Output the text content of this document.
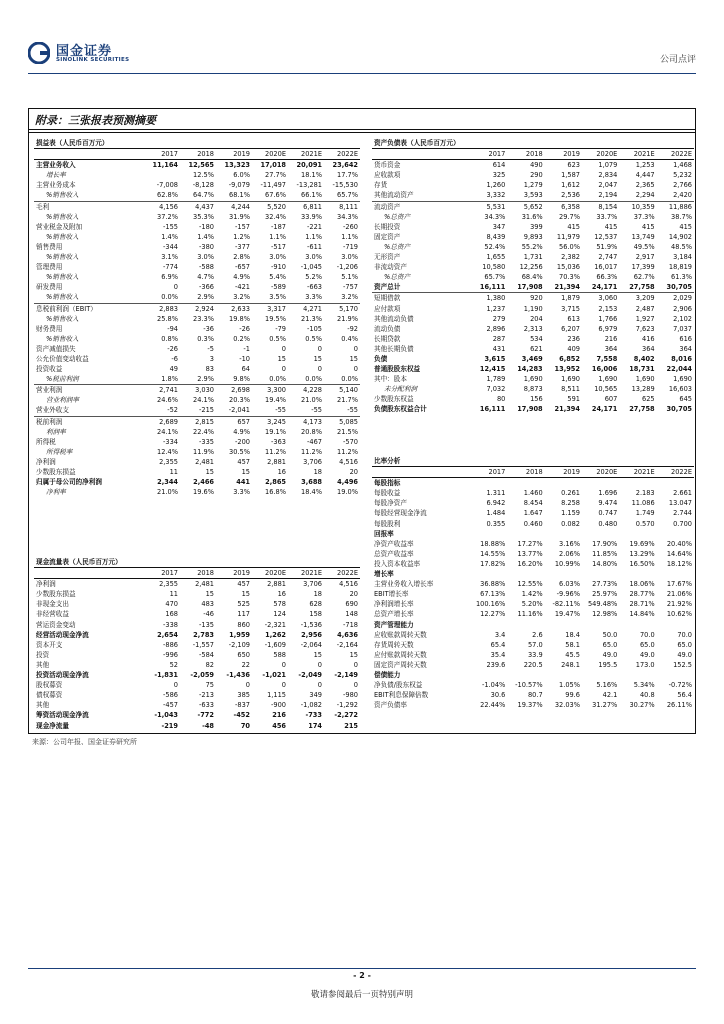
国金证券
SINOLINK SECURITIES	公司点评
附录：三张报表预测摘要
损益表（人民币百万元）						
	2017	2018	2019	2020E	2021E	2022E
主营业务收入	11,164	12,565	13,323	17,018	20,091	23,642
增长率		12.5%	6.0%	27.7%	18.1%	17.7%
主营业务成本	-7,008	-8,128	-9,079	-11,497	-13,281	-15,530
%销售收入	62.8%	64.7%	68.1%	67.6%	66.1%	65.7%
毛利	4,156	4,437	4,244	5,520	6,811	8,111
%销售收入	37.2%	35.3%	31.9%	32.4%	33.9%	34.3%
营业税金及附加	-155	-180	-157	-187	-221	-260
%销售收入	1.4%	1.4%	1.2%	1.1%	1.1%	1.1%
销售费用	-344	-380	-377	-517	-611	-719
%销售收入	3.1%	3.0%	2.8%	3.0%	3.0%	3.0%
管理费用	-774	-588	-657	-910	-1,045	-1,206
%销售收入	6.9%	4.7%	4.9%	5.4%	5.2%	5.1%
研发费用	0	-366	-421	-589	-663	-757
%销售收入	0.0%	2.9%	3.2%	3.5%	3.3%	3.2%
息税前利润（EBIT）	2,883	2,924	2,633	3,317	4,271	5,170
%销售收入	25.8%	23.3%	19.8%	19.5%	21.3%	21.9%
财务费用	-94	-36	-26	-79	-105	-92
%销售收入	0.8%	0.3%	0.2%	0.5%	0.5%	0.4%
资产减值损失	-26	-5	-1	0	0	0
公允价值变动收益	-6	3	-10	15	15	15
投资收益	49	83	64	0	0	0
%税前利润	1.8%	2.9%	9.8%	0.0%	0.0%	0.0%
营业利润	2,741	3,030	2,698	3,300	4,228	5,140
营业利润率	24.6%	24.1%	20.3%	19.4%	21.0%	21.7%
营业外收支	-52	-215	-2,041	-55	-55	-55
税前利润	2,689	2,815	657	3,245	4,173	5,085
利润率	24.1%	22.4%	4.9%	19.1%	20.8%	21.5%
所得税	-334	-335	-200	-363	-467	-570
所得税率	12.4%	11.9%	30.5%	11.2%	11.2%	11.2%
净利润	2,355	2,481	457	2,881	3,706	4,516
少数股东损益	11	15	15	16	18	20
归属于母公司的净利润	2,344	2,466	441	2,865	3,688	4,496
净利率	21.0%	19.6%	3.3%	16.8%	18.4%	19.0%
现金流量表（人民币百万元）						
	2017	2018	2019	2020E	2021E	2022E
净利润	2,355	2,481	457	2,881	3,706	4,516
少数股东损益	11	15	15	16	18	20
非现金支出	470	483	525	578	628	690
非经营收益	168	-46	117	124	158	148
营运资金变动	-338	-135	860	-2,321	-1,536	-718
经营活动现金净流	2,654	2,783	1,959	1,262	2,956	4,636
资本开支	-886	-1,557	-2,109	-1,609	-2,064	-2,164
投资	-996	-584	650	588	15	15
其他	52	82	22	0	0	0
投资活动现金净流	-1,831	-2,059	-1,436	-1,021	-2,049	-2,149
股权募资	0	75	0	0	0	0
债权募资	-586	-213	385	1,115	349	-980
其他	-457	-633	-837	-900	-1,082	-1,292
筹资活动现金净流	-1,043	-772	-452	216	-733	-2,272
现金净流量	-219	-48	70	456	174	215
资产负债表（人民币百万元）						
	2017	2018	2019	2020E	2021E	2022E
货币资金	614	490	623	1,079	1,253	1,468
应收款项	325	290	1,587	2,834	4,447	5,232
存货	1,260	1,279	1,612	2,047	2,365	2,766
其他流动资产	3,332	3,593	2,536	2,194	2,294	2,420
流动资产	5,531	5,652	6,358	8,154	10,359	11,886
%总资产	34.3%	31.6%	29.7%	33.7%	37.3%	38.7%
长期投资	347	399	415	415	415	415
固定资产	8,439	9,893	11,979	12,537	13,749	14,902
%总资产	52.4%	55.2%	56.0%	51.9%	49.5%	48.5%
无形资产	1,655	1,731	2,382	2,747	2,917	3,184
非流动资产	10,580	12,256	15,036	16,017	17,399	18,819
%总资产	65.7%	68.4%	70.3%	66.3%	62.7%	61.3%
资产总计	16,111	17,908	21,394	24,171	27,758	30,705
短期借款	1,380	920	1,879	3,060	3,209	2,029
应付款项	1,237	1,190	3,715	2,153	2,487	2,906
其他流动负债	279	204	613	1,766	1,927	2,102
流动负债	2,896	2,313	6,207	6,979	7,623	7,037
长期贷款	287	534	236	216	416	616
其他长期负债	431	621	409	364	364	364
负债	3,615	3,469	6,852	7,558	8,402	8,016
普通股股东权益	12,415	14,283	13,952	16,006	18,731	22,044
其中：股本	1,789	1,690	1,690	1,690	1,690	1,690
未分配利润	7,032	8,873	8,511	10,565	13,289	16,603
少数股东权益	80	156	591	607	625	645
负债股东权益合计	16,111	17,908	21,394	24,171	27,758	30,705
比率分析						
	2017	2018	2019	2020E	2021E	2022E
每股指标						
每股收益	1.311	1.460	0.261	1.696	2.183	2.661
每股净资产	6.942	8.454	8.258	9.474	11.086	13.047
每股经营现金净流	1.484	1.647	1.159	0.747	1.749	2.744
每股股利	0.355	0.460	0.082	0.480	0.570	0.700
回报率						
净资产收益率	18.88%	17.27%	3.16%	17.90%	19.69%	20.40%
总资产收益率	14.55%	13.77%	2.06%	11.85%	13.29%	14.64%
投入资本收益率	17.82%	16.20%	10.99%	14.80%	16.50%	18.12%
增长率						
主营业务收入增长率	36.88%	12.55%	6.03%	27.73%	18.06%	17.67%
EBIT增长率	67.13%	1.42%	-9.96%	25.97%	28.77%	21.06%
净利润增长率	100.16%	5.20%	-82.11%	549.48%	28.71%	21.92%
总资产增长率	12.27%	11.16%	19.47%	12.98%	14.84%	10.62%
资产管理能力						
应收账款周转天数	3.4	2.6	18.4	50.0	70.0	70.0
存货周转天数	65.4	57.0	58.1	65.0	65.0	65.0
应付账款周转天数	35.4	33.9	45.5	49.0	49.0	49.0
固定资产周转天数	239.6	220.5	248.1	195.5	173.0	152.5
偿债能力						
净负债/股东权益	-1.04%	-10.57%	1.05%	5.16%	5.34%	-0.72%
EBIT利息保障倍数	30.6	80.7	99.6	42.1	40.8	56.4
资产负债率	22.44%	19.37%	32.03%	31.27%	30.27%	26.11%
来源：公司年报、国金证券研究所
- 2 -
敬请参阅最后一页特别声明
